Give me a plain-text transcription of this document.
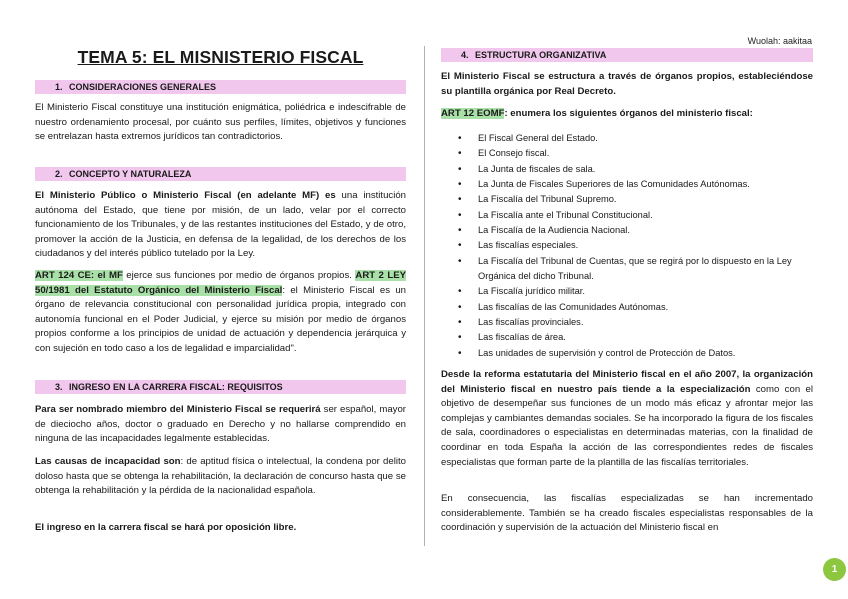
Wuolah: aakitaa
TEMA 5: EL MISNISTERIO FISCAL
1. CONSIDERACIONES GENERALES

El Ministerio Fiscal constituye una institución enigmática, poliédrica e indescifrable de nuestro ordenamiento procesal, por cuánto sus perfiles, límites, objetivos y funciones se entrelazan hasta extremos jurídicos tan contradictorios.

2. CONCEPTO Y NATURALEZA

El Ministerio Público o Ministerio Fiscal (en adelante MF) es una institución autónoma del Estado, que tiene por misión, de un lado, velar por el correcto funcionamiento de los Tribunales, y de las restantes instituciones del Estado, y de otro, promover la acción de la Justicia, en defensa de la legalidad, de los derechos de los ciudadanos y del interés público tutelado por la Ley.

ART 124 CE: el MF ejerce sus funciones por medio de órganos propios. ART 2 LEY 50/1981 del Estatuto Orgánico del Ministerio Fiscal: el Ministerio Fiscal es un órgano de relevancia constitucional con personalidad jurídica propia, integrado con autonomía funcional en el Poder Judicial, y ejerce su misión por medio de órganos propios conforme a los principios de unidad de actuación y dependencia jerárquica y con sujeción en todo caso a los de legalidad e imparcialidad".

3. INGRESO EN LA CARRERA FISCAL: REQUISITOS

Para ser nombrado miembro del Ministerio Fiscal se requerirá ser español, mayor de dieciocho años, doctor o graduado en Derecho y no hallarse comprendido en ninguna de las incapacidades legalmente establecidas.

Las causas de incapacidad son: de aptitud física o intelectual, la condena por delito doloso hasta que se obtenga la rehabilitación, la declaración de concurso hasta que se obtenga la rehabilitación y la pérdida de la nacionalidad española.

El ingreso en la carrera fiscal se hará por oposición libre.

4. ESTRUCTURA ORGANIZATIVA

El Ministerio Fiscal se estructura a través de órganos propios, estableciéndose su plantilla orgánica por Real Decreto.

ART 12 EOMF: enumera los siguientes órganos del ministerio fiscal:

• El Fiscal General del Estado.
• El Consejo fiscal.
• La Junta de fiscales de sala.
• La Junta de Fiscales Superiores de las Comunidades Autónomas.
• La Fiscalía del Tribunal Supremo.
• La Fiscalía ante el Tribunal Constitucional.
• La Fiscalía de la Audiencia Nacional.
• Las fiscalías especiales.
• La Fiscalía del Tribunal de Cuentas, que se regirá por lo dispuesto en la Ley Orgánica del dicho Tribunal.
• La Fiscalía jurídico militar.
• Las fiscalías de las Comunidades Autónomas.
• Las fiscalías provinciales.
• Las fiscalías de área.
• Las unidades de supervisión y control de Protección de Datos.

Desde la reforma estatutaria del Ministerio fiscal en el año 2007, la organización del Ministerio fiscal en nuestro país tiende a la especialización como con el objetivo de desempeñar sus funciones de un modo más eficaz y afrontar mejor las complejas y cambiantes demandas sociales. Se ha incorporado la figura de los fiscales de sala, coordinadores o especialistas en determinadas materias, con la finalidad de coordinar en toda España la acción de las correspondientes redes de fiscales especialistas que forman parte de la plantilla de las fiscalías territoriales.

En consecuencia, las fiscalías especializadas se han incrementado considerablemente. También se ha creado fiscales especialistas responsables de la coordinación y supervisión de la actuación del Ministerio fiscal en

1
